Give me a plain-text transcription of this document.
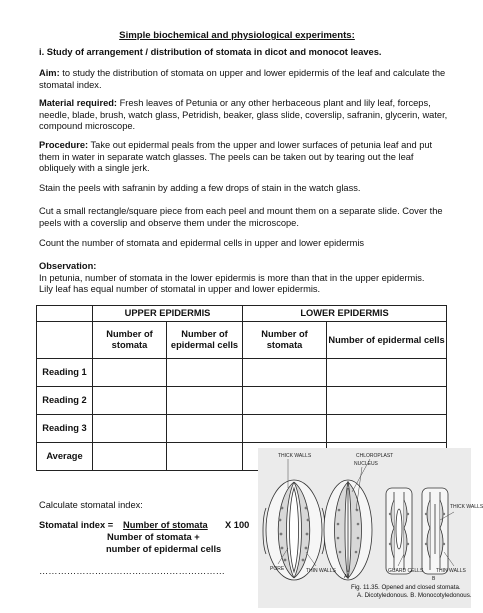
Simple biochemical and physiological experiments:
i. Study of arrangement / distribution of stomata in dicot and monocot leaves.
Aim: to study the distribution of stomata on upper and lower epidermis of the leaf and calculate the stomatal index.
Material required: Fresh leaves of Petunia or any other herbaceous plant and lily leaf, forceps, needle, blade, brush, watch glass, Petridish, beaker, glass slide, coverslip, safranin, glycerin, water, compound microscope.
Procedure: Take out epidermal peals from the upper and lower surfaces of petunia leaf and put them in water in separate watch glasses. The peels can be taken out by tearing out the leaf obliquely with a single jerk.
Stain the peels with safranin by adding a few drops of stain in the watch glass.
Cut a small rectangle/square piece from each peel and mount them on a separate slide. Cover the peels with a coverslip and observe them under the microscope.
Count the number of stomata and epidermal cells in upper and lower epidermis
Observation:
In petunia, number of stomata in the lower epidermis is more than that in the upper epidermis.
Lily leaf has equal number of stomatal in upper and lower epidermis.
	UPPER EPIDERMIS		LOWER EPIDERMIS	
	Number of stomata	Number of epidermal cells	Number of stomata	Number of epidermal cells
Reading 1				
Reading 2				
Reading 3				
Average					THICK WALLS	CHLOROPLAST
NUCLEUS
PORE	THIN WALLS
A
GUARD CELLS
B
THICK WALLS
THIN WALLS
Fig. 11.35. Opened and closed stomata.
A. Dicotyledonous. B. Monocotyledonous.
Calculate stomatal index:
Stomatal index = Number of stomata X 100
Number of stomata +
number of epidermal cells
……………………………………………………
